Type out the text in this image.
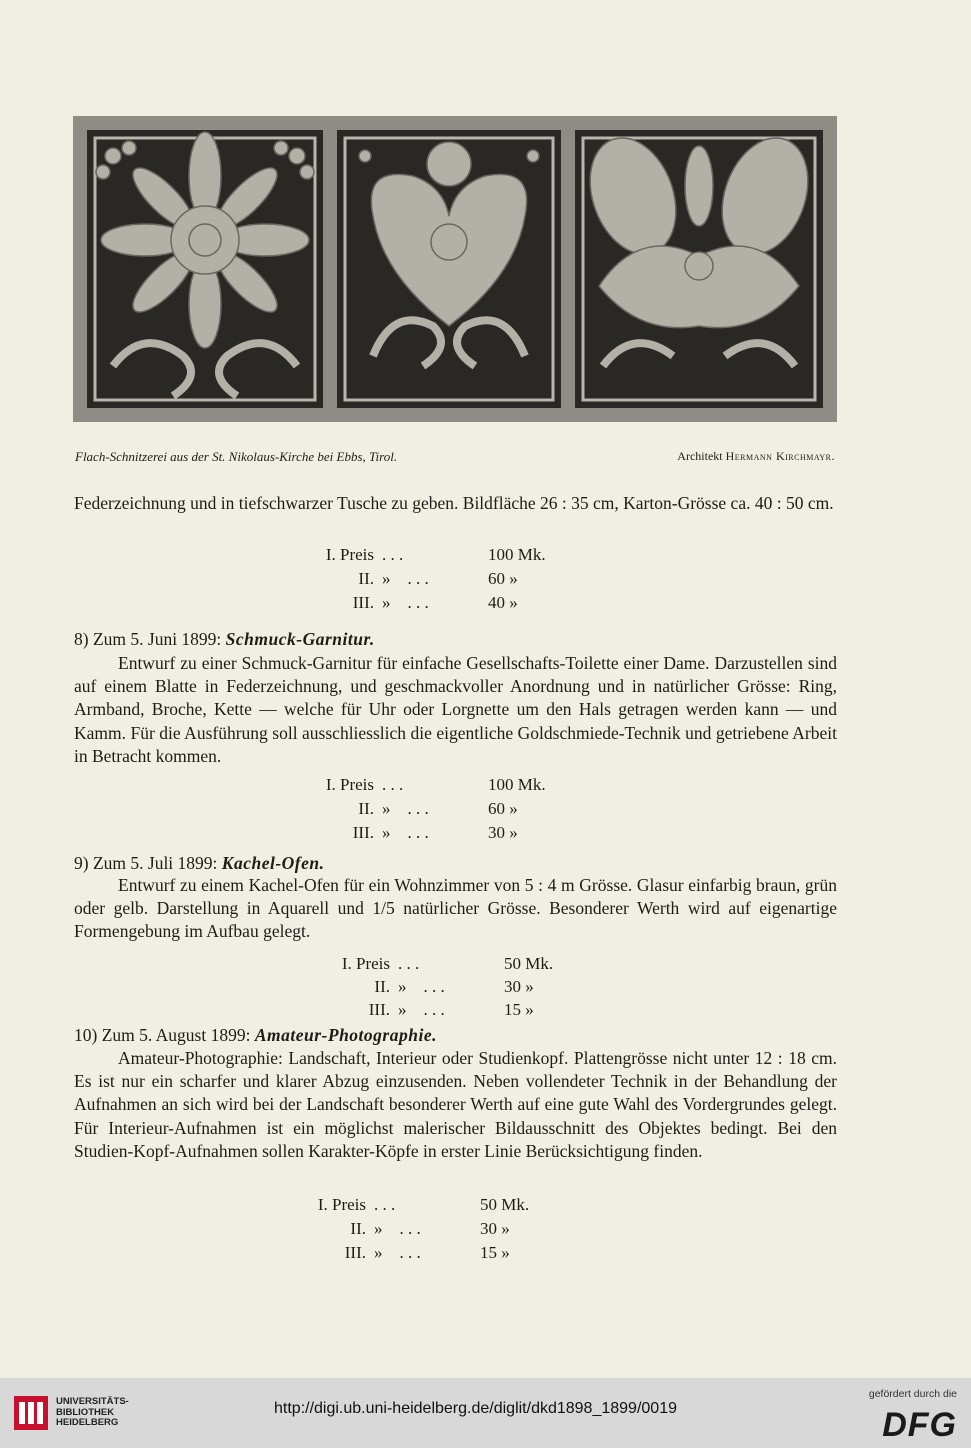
Flach-Schnitzerei aus der St. Nikolaus-Kirche bei Ebbs, Tirol.	Architekt Hermann Kirchmayr.

Federzeichnung und in tiefschwarzer Tusche zu geben. Bildfläche 26 : 35 cm, Karton-Grösse ca. 40 : 50 cm.

I. Preis . . .	100 Mk.
II. »    . . .	60 »
III. »    . . .	40 »

8) Zum 5. Juni 1899: Schmuck-Garnitur.

Entwurf zu einer Schmuck-Garnitur für einfache Gesellschafts-Toilette einer Dame. Darzustellen sind auf einem Blatte in Federzeichnung, und geschmackvoller Anordnung und in natürlicher Grösse: Ring, Armband, Broche, Kette — welche für Uhr oder Lorgnette um den Hals getragen werden kann — und Kamm. Für die Ausführung soll ausschliesslich die eigentliche Goldschmiede-Technik und getriebene Arbeit in Betracht kommen.

I. Preis . . .	100 Mk.
II. »    . . .	60 »
III. »    . . .	30 »

9) Zum 5. Juli 1899: Kachel-Ofen.

Entwurf zu einem Kachel-Ofen für ein Wohnzimmer von 5 : 4 m Grösse. Glasur einfarbig braun, grün oder gelb. Darstellung in Aquarell und 1/5 natürlicher Grösse. Besonderer Werth wird auf eigenartige Formengebung im Aufbau gelegt.

I. Preis . . .	50 Mk.
II. »    . . .	30 »
III. »    . . .	15 »

10) Zum 5. August 1899: Amateur-Photographie.

Amateur-Photographie: Landschaft, Interieur oder Studienkopf. Plattengrösse nicht unter 12 : 18 cm. Es ist nur ein scharfer und klarer Abzug einzusenden. Neben vollendeter Technik in der Behandlung der Aufnahmen an sich wird bei der Landschaft besonderer Werth auf eine gute Wahl des Vordergrundes gelegt. Für Interieur-Aufnahmen ist ein möglichst malerischer Bildausschnitt des Objektes bedingt. Bei den Studien-Kopf-Aufnahmen sollen Karakter-Köpfe in erster Linie Berücksichtigung finden.

I. Preis . . .	50 Mk.
II. »    . . .	30 »
III. »    . . .	15 »
UNIVERSITÄTS-
BIBLIOTHEK
HEIDELBERG
http://digi.ub.uni-heidelberg.de/diglit/dkd1898_1899/0019
gefördert durch die
DFG
